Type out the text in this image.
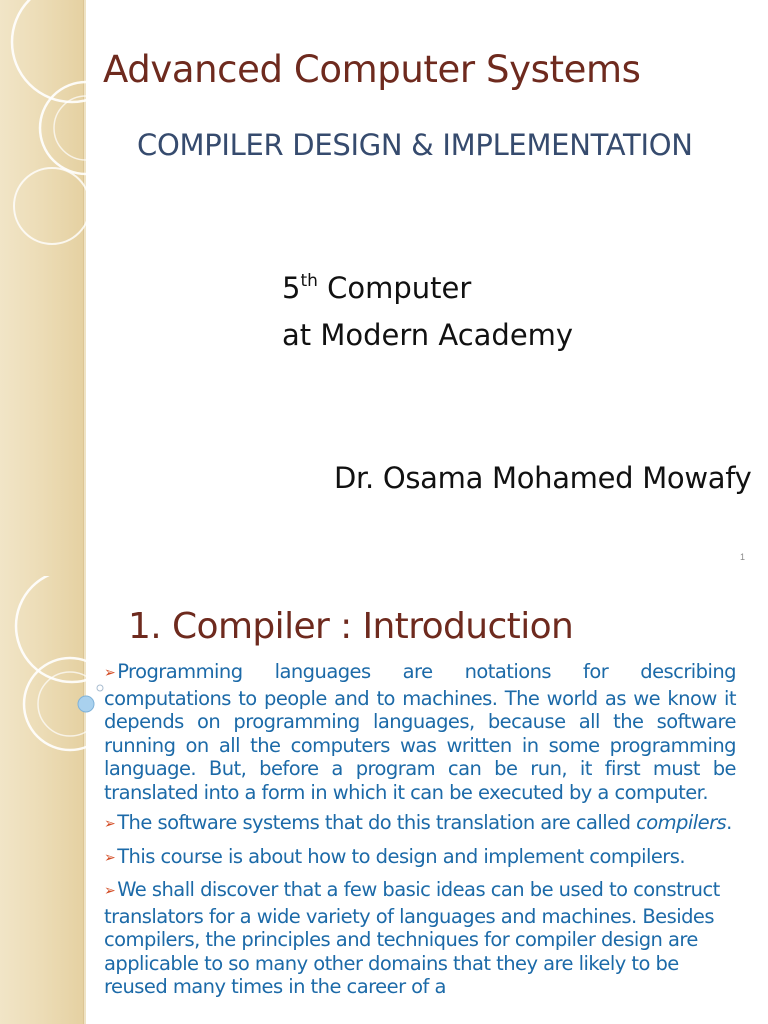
Advanced Computer Systems
COMPILER DESIGN & IMPLEMENTATION
5th Computer
at Modern Academy
Dr. Osama Mohamed Mowafy
1
1. Compiler : Introduction

➢ Programming languages are notations for describing computations to people and to machines. The world as we know it depends on programming languages, because all the software running on all the computers was written in some programming language. But, before a program can be run, it first must be translated into a form in which it can be executed by a computer.

➢ The software systems that do this translation are called compilers.

➢ This course is about how to design and implement compilers.

➢ We shall discover that a few basic ideas can be used to construct translators for a wide variety of languages and machines. Besides compilers, the principles and techniques for compiler design are applicable to so many other domains that they are likely to be reused many times in the career of a
